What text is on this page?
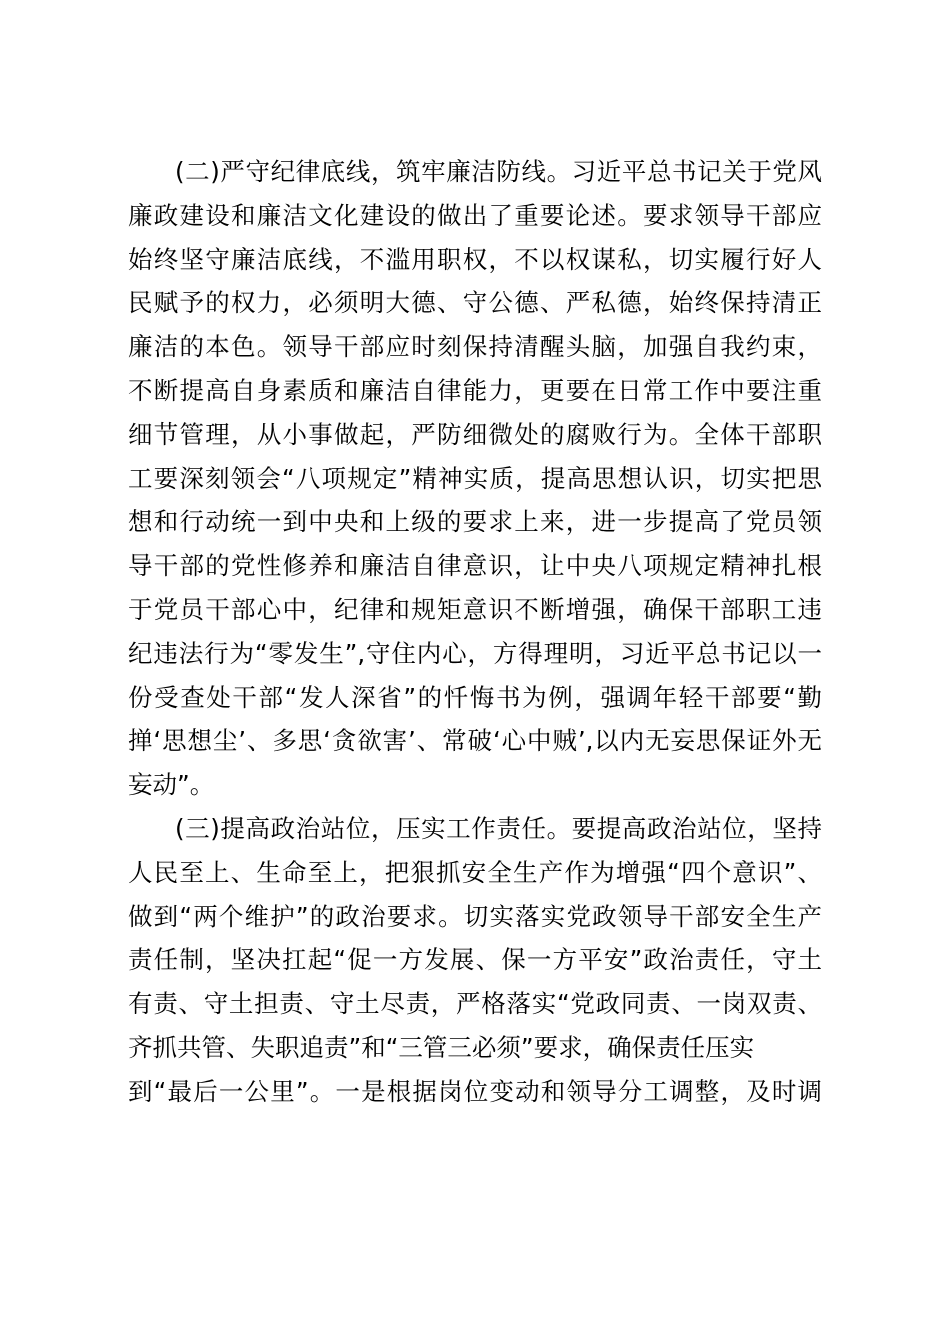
(二)严守纪律底线，筑牢廉洁防线。习近平总书记关于党风
廉政建设和廉洁文化建设的做出了重要论述。要求领导干部应
始终坚守廉洁底线，不滥用职权，不以权谋私，切实履行好人
民赋予的权力，必须明大德、守公德、严私德，始终保持清正
廉洁的本色。领导干部应时刻保持清醒头脑，加强自我约束，
不断提高自身素质和廉洁自律能力，更要在日常工作中要注重
细节管理，从小事做起，严防细微处的腐败行为。全体干部职
工要深刻领会“八项规定”精神实质，提高思想认识，切实把思
想和行动统一到中央和上级的要求上来，进一步提高了党员领
导干部的党性修养和廉洁自律意识，让中央八项规定精神扎根
于党员干部心中，纪律和规矩意识不断增强，确保干部职工违
纪违法行为“零发生”,守住内心，方得理明，习近平总书记以一
份受查处干部“发人深省”的忏悔书为例，强调年轻干部要“勤
掸‘思想尘’、多思‘贪欲害’、常破‘心中贼’,以内无妄思保证外无
妄动”。

(三)提高政治站位，压实工作责任。要提高政治站位，坚持
人民至上、生命至上，把狠抓安全生产作为增强“四个意识”、
做到“两个维护”的政治要求。切实落实党政领导干部安全生产
责任制，坚决扛起“促一方发展、保一方平安”政治责任，守土
有责、守土担责、守土尽责，严格落实“党政同责、一岗双责、
齐抓共管、失职追责”和“三管三必须”要求，确保责任压实
到“最后一公里”。一是根据岗位变动和领导分工调整，及时调
